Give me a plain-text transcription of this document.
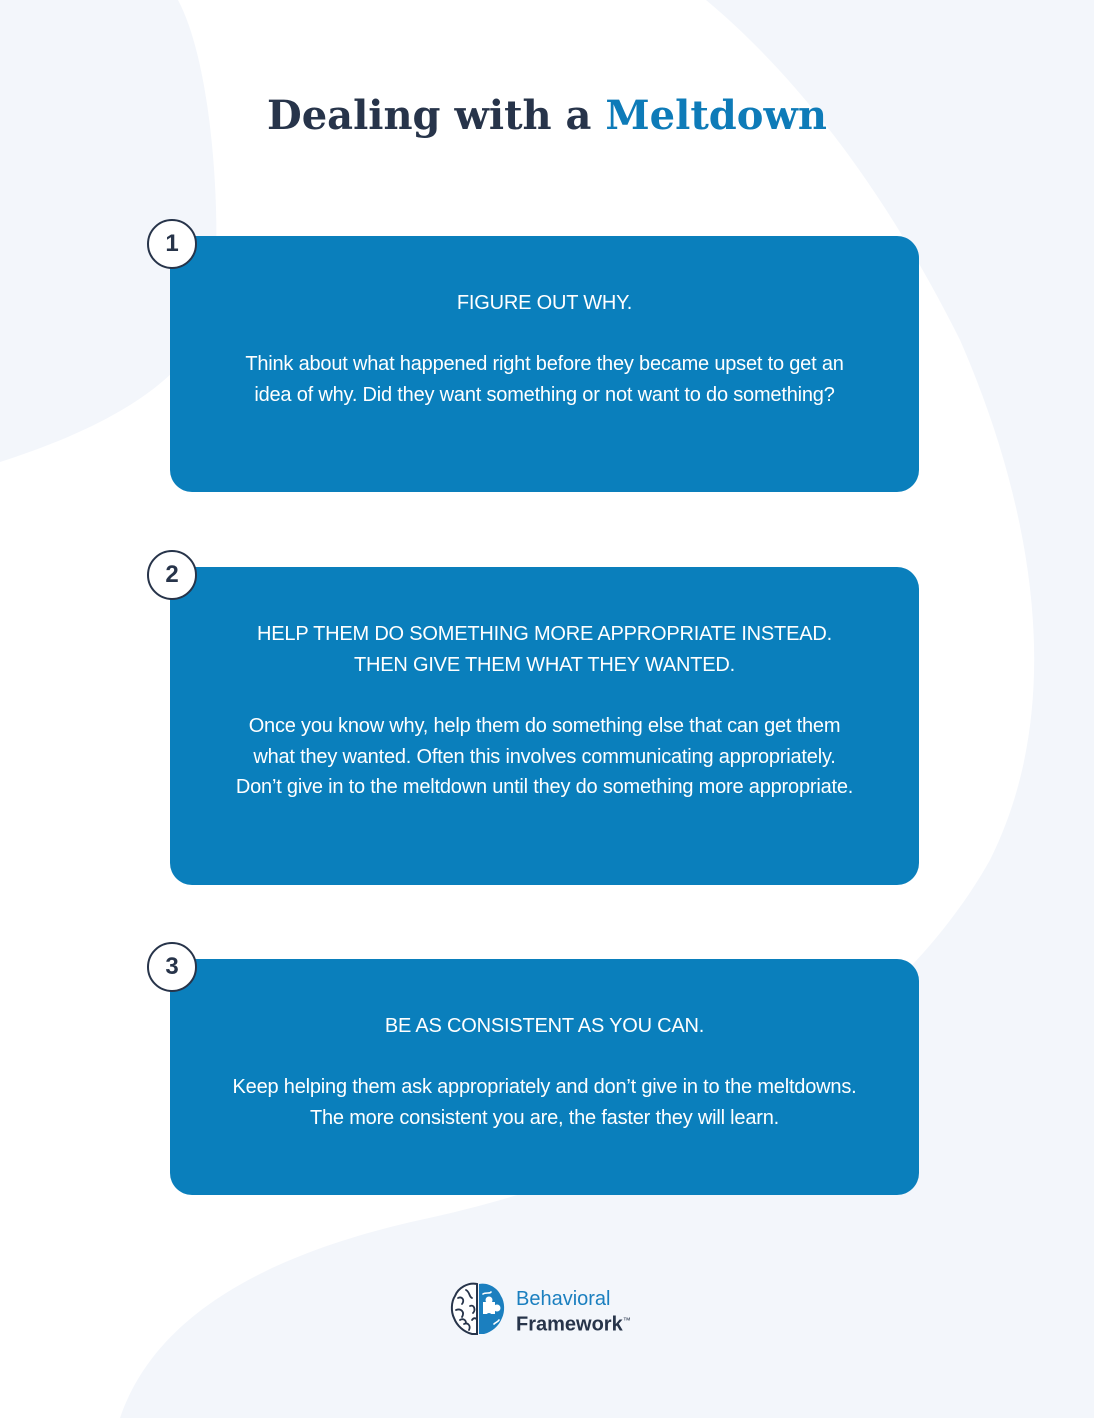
Dealing with a Meltdown
FIGURE OUT WHY.

Think about what happened right before they became upset to get an idea of why. Did they want something or not want to do something?

1
HELP THEM DO SOMETHING MORE APPROPRIATE INSTEAD.
THEN GIVE THEM WHAT THEY WANTED.

Once you know why, help them do something else that can get them what they wanted. Often this involves communicating appropriately. Don’t give in to the meltdown until they do something more appropriate.

2
BE AS CONSISTENT AS YOU CAN.

Keep helping them ask appropriately and don’t give in to the meltdowns. The more consistent you are, the faster they will learn.

3
Behavioral
Framework™
